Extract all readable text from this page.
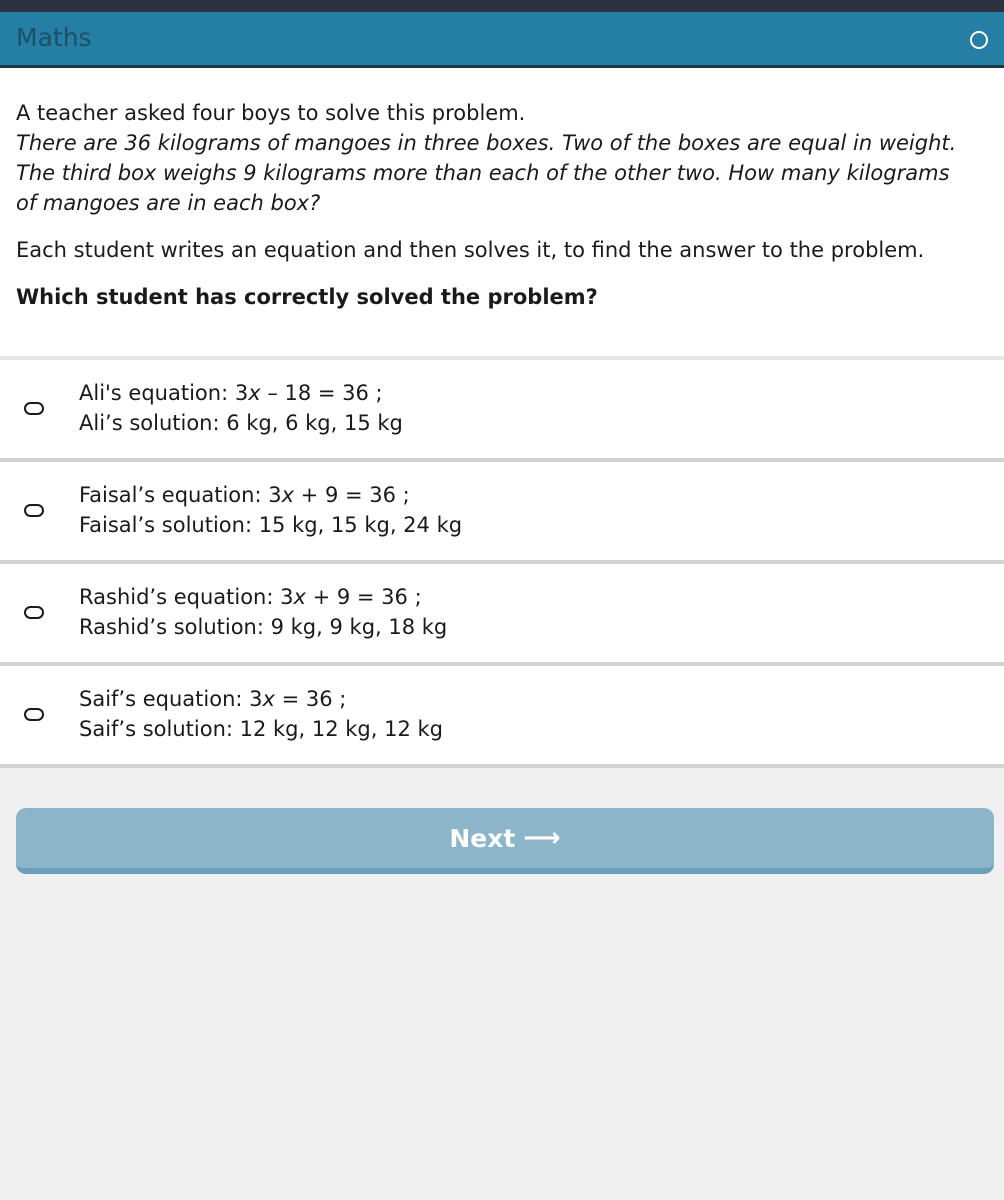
Maths

A teacher asked four boys to solve this problem.

There are 36 kilograms of mangoes in three boxes. Two of the boxes are equal in weight. The third box weighs 9 kilograms more than each of the other two. How many kilograms of mangoes are in each box?

Each student writes an equation and then solves it, to find the answer to the problem.

Which student has correctly solved the problem?

Ali's equation: 3x – 18 = 36 ;
Ali’s solution: 6 kg, 6 kg, 15 kg
Faisal’s equation: 3x + 9 = 36 ;
Faisal’s solution: 15 kg, 15 kg, 24 kg
Rashid’s equation: 3x + 9 = 36 ;
Rashid’s solution: 9 kg, 9 kg, 18 kg
Saif’s equation: 3x = 36 ;
Saif’s solution: 12 kg, 12 kg, 12 kg
Next ⟶
